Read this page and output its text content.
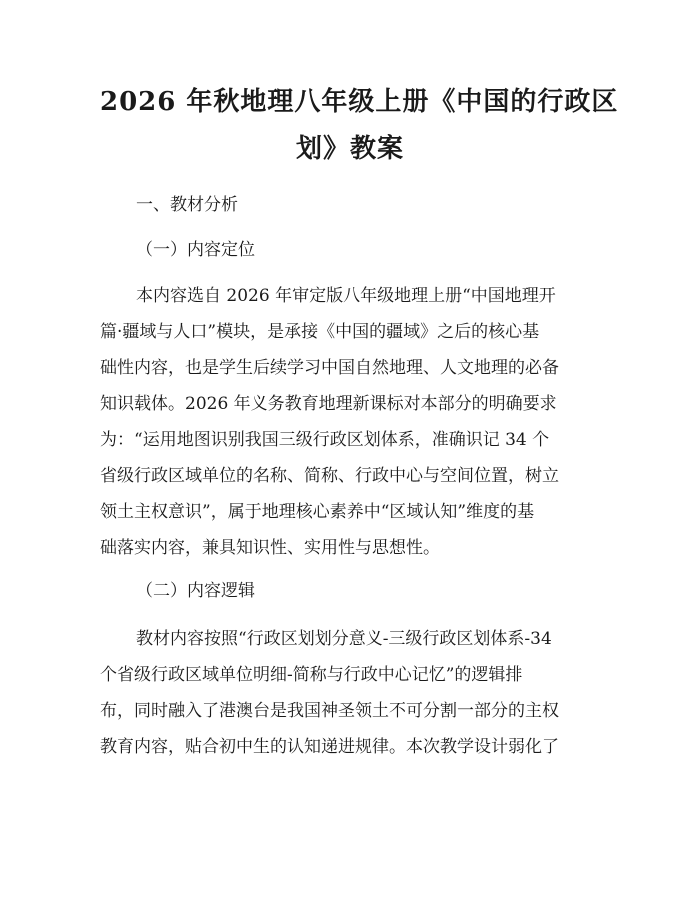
2026 年秋地理八年级上册《中国的行政区
划》教案

一、教材分析

（一）内容定位

本内容选自 2026 年审定版八年级地理上册“中国地理开

篇·疆域与人口”模块，是承接《中国的疆域》之后的核心基

础性内容，也是学生后续学习中国自然地理、人文地理的必备

知识载体。2026 年义务教育地理新课标对本部分的明确要求

为：“运用地图识别我国三级行政区划体系，准确识记 34 个

省级行政区域单位的名称、简称、行政中心与空间位置，树立

领土主权意识”，属于地理核心素养中“区域认知”维度的基

础落实内容，兼具知识性、实用性与思想性。

（二）内容逻辑

教材内容按照“行政区划划分意义-三级行政区划体系-34

个省级行政区域单位明细-简称与行政中心记忆”的逻辑排

布，同时融入了港澳台是我国神圣领土不可分割一部分的主权

教育内容，贴合初中生的认知递进规律。本次教学设计弱化了
